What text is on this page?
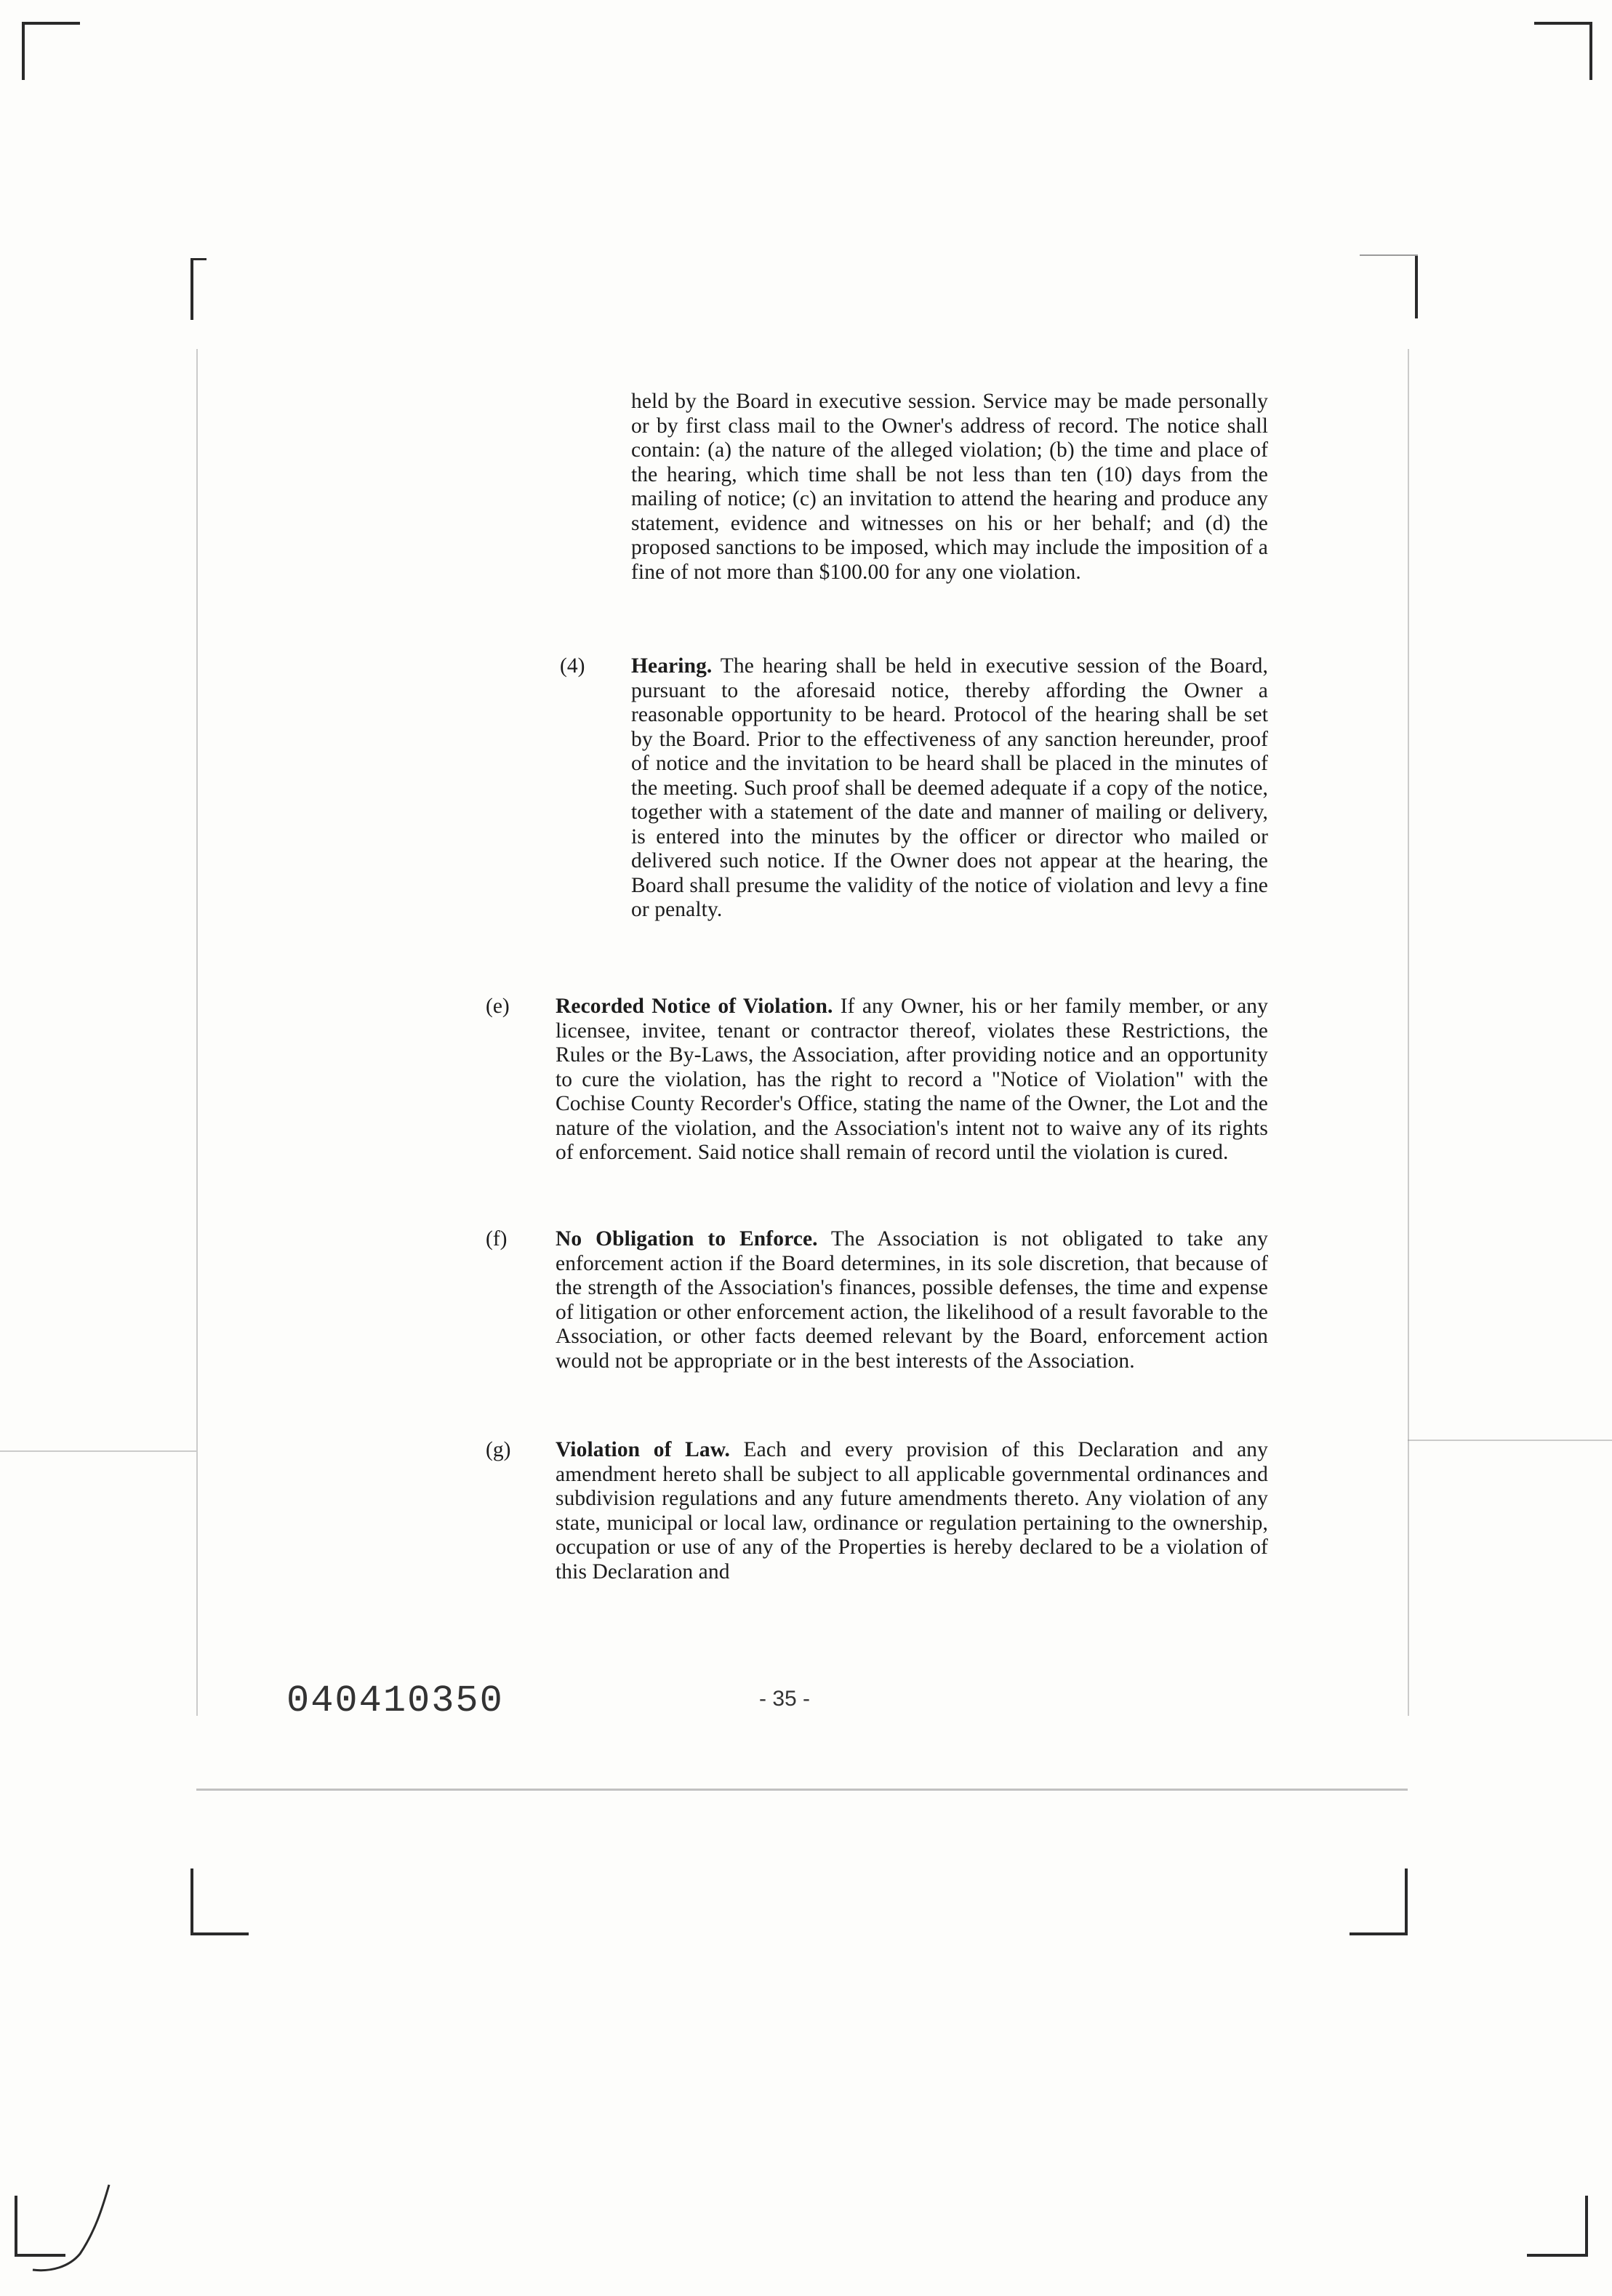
held by the Board in executive session. Service may be made personally or by first class mail to the Owner's address of record. The notice shall contain: (a) the nature of the alleged violation; (b) the time and place of the hearing, which time shall be not less than ten (10) days from the mailing of notice; (c) an invitation to attend the hearing and produce any statement, evidence and witnesses on his or her behalf; and (d) the proposed sanctions to be imposed, which may include the imposition of a fine of not more than $100.00 for any one violation.
(4) Hearing. The hearing shall be held in executive session of the Board, pursuant to the aforesaid notice, thereby affording the Owner a reasonable opportunity to be heard. Protocol of the hearing shall be set by the Board. Prior to the effectiveness of any sanction hereunder, proof of notice and the invitation to be heard shall be placed in the minutes of the meeting. Such proof shall be deemed adequate if a copy of the notice, together with a statement of the date and manner of mailing or delivery, is entered into the minutes by the officer or director who mailed or delivered such notice. If the Owner does not appear at the hearing, the Board shall presume the validity of the notice of violation and levy a fine or penalty.
(e) Recorded Notice of Violation. If any Owner, his or her family member, or any licensee, invitee, tenant or contractor thereof, violates these Restrictions, the Rules or the By-Laws, the Association, after providing notice and an opportunity to cure the violation, has the right to record a "Notice of Violation" with the Cochise County Recorder's Office, stating the name of the Owner, the Lot and the nature of the violation, and the Association's intent not to waive any of its rights of enforcement. Said notice shall remain of record until the violation is cured.
(f) No Obligation to Enforce. The Association is not obligated to take any enforcement action if the Board determines, in its sole discretion, that because of the strength of the Association's finances, possible defenses, the time and expense of litigation or other enforcement action, the likelihood of a result favorable to the Association, or other facts deemed relevant by the Board, enforcement action would not be appropriate or in the best interests of the Association.
(g) Violation of Law. Each and every provision of this Declaration and any amendment hereto shall be subject to all applicable governmental ordinances and subdivision regulations and any future amendments thereto. Any violation of any state, municipal or local law, ordinance or regulation pertaining to the ownership, occupation or use of any of the Properties is hereby declared to be a violation of this Declaration and
040410350	- 35 -
